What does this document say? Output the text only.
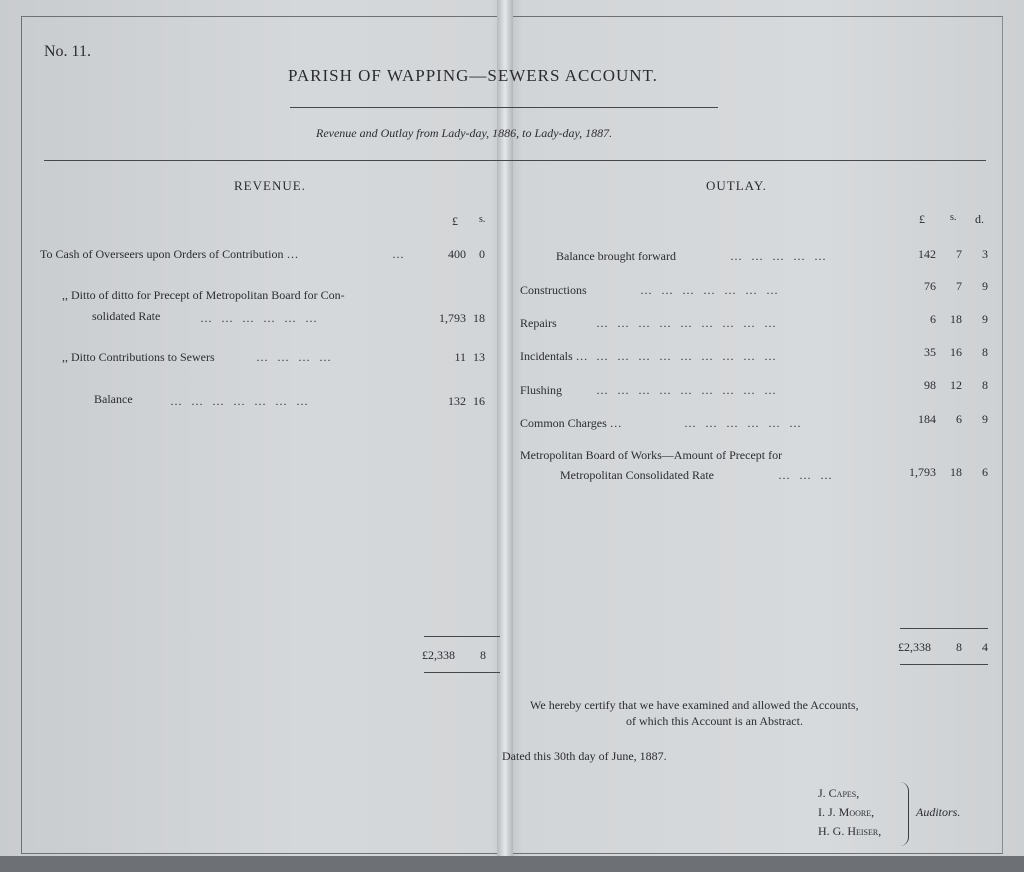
No. 11.
PARISH OF WAPPING—SEWERS ACCOUNT.
Revenue and Outlay from Lady-day, 1886, to Lady-day, 1887.
REVENUE.
£ s.
To Cash of Overseers upon Orders of Contribution …	…	400 0
,, Ditto of ditto for Precept of Metropolitan Board for Con-
solidated Rate	… … … … … …	1,793 18
,, Ditto Contributions to Sewers	… … … …	11 13
Balance	… … … … … … …	132 16
£2,338 8
OUTLAY.
£	s. d.
Balance brought forward	… … … … …	142	7	3
Constructions	… … … … … … …	76	7	9
Repairs	… … … … … … … … …	6	18	9
Incidentals … … … … … … … … … …	35	16	8
Flushing	… … … … … … … … …	98	12	8
Common Charges …	… … … … … …	184	6	9
Metropolitan Board of Works—Amount of Precept for
Metropolitan Consolidated Rate	… … …	1,793	18	6
£2,338	8	4
We hereby certify that we have examined and allowed the Accounts,
of which this Account is an Abstract.
Dated this 30th day of June, 1887.
J. Capes,
I. J. Moore,
H. G. Heiser,
Auditors.
